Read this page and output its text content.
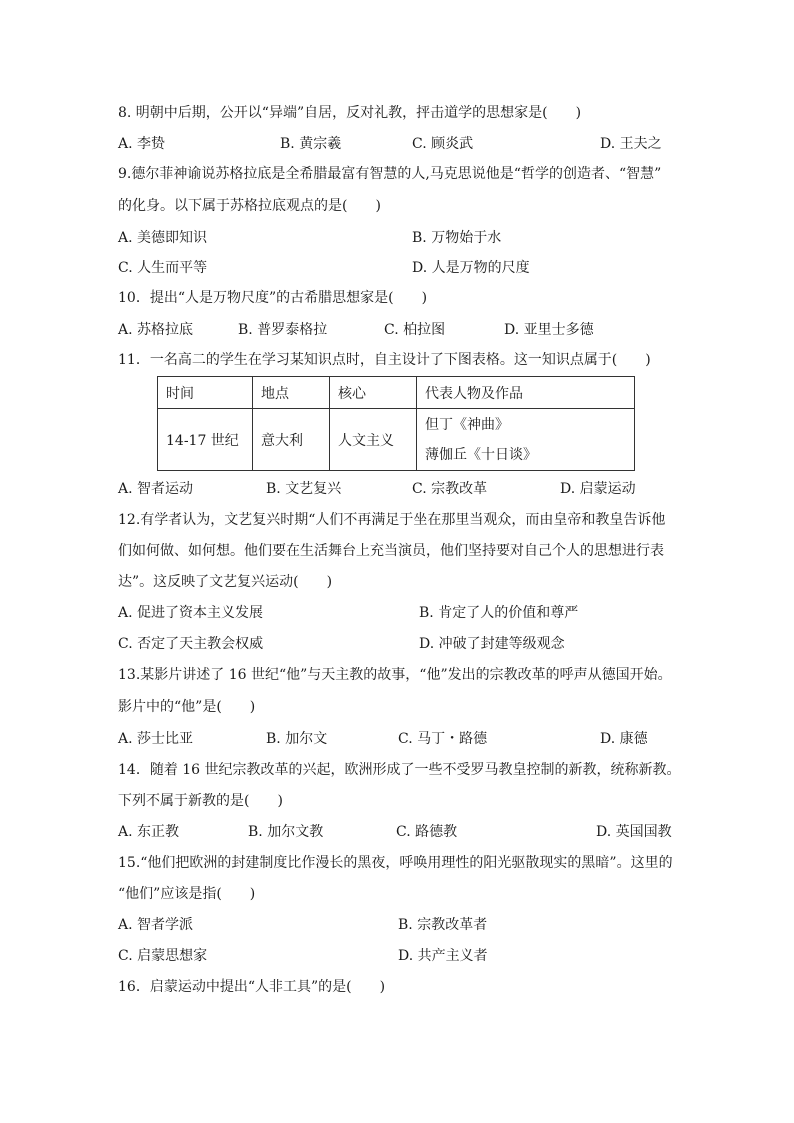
8. 明朝中后期，公开以“异端”自居，反对礼教，抨击道学的思想家是(　　)
A. 李贽	B. 黄宗羲	C. 顾炎武	D. 王夫之
9.德尔菲神谕说苏格拉底是全希腊最富有智慧的人,马克思说他是“哲学的创造者、“智慧”
的化身。以下属于苏格拉底观点的是(　　)
A. 美德即知识	B. 万物始于水
C. 人生而平等	D. 人是万物的尺度
10．提出“人是万物尺度”的古希腊思想家是(　　)
A. 苏格拉底	B. 普罗泰格拉	C. 柏拉图	D. 亚里士多德
11．一名高二的学生在学习某知识点时，自主设计了下图表格。这一知识点属于(　　)
时间	地点	核心	代表人物及作品
14-17 世纪	意大利	人文主义	但丁《神曲》
薄伽丘《十日谈》
A. 智者运动	B. 文艺复兴	C. 宗教改革	D. 启蒙运动
12.有学者认为，文艺复兴时期“人们不再满足于坐在那里当观众，而由皇帝和教皇告诉他
们如何做、如何想。他们要在生活舞台上充当演员，他们坚持要对自己个人的思想进行表
达”。这反映了文艺复兴运动(　　)
A. 促进了资本主义发展	B. 肯定了人的价值和尊严
C. 否定了天主教会权威	D. 冲破了封建等级观念
13.某影片讲述了 16 世纪“他”与天主教的故事，“他”发出的宗教改革的呼声从德国开始。
影片中的“他”是(　　)
A. 莎士比亚	B. 加尔文	C. 马丁・路德	D. 康德
14．随着 16 世纪宗教改革的兴起，欧洲形成了一些不受罗马教皇控制的新教，统称新教。
下列不属于新教的是(　　)
A. 东正教	B. 加尔文教	C. 路德教	D. 英国国教
15.“他们把欧洲的封建制度比作漫长的黑夜，呼唤用理性的阳光驱散现实的黑暗”。这里的
“他们”应该是指(　　)
A. 智者学派	B. 宗教改革者
C. 启蒙思想家	D. 共产主义者
16．启蒙运动中提出“人非工具”的是(　　)
